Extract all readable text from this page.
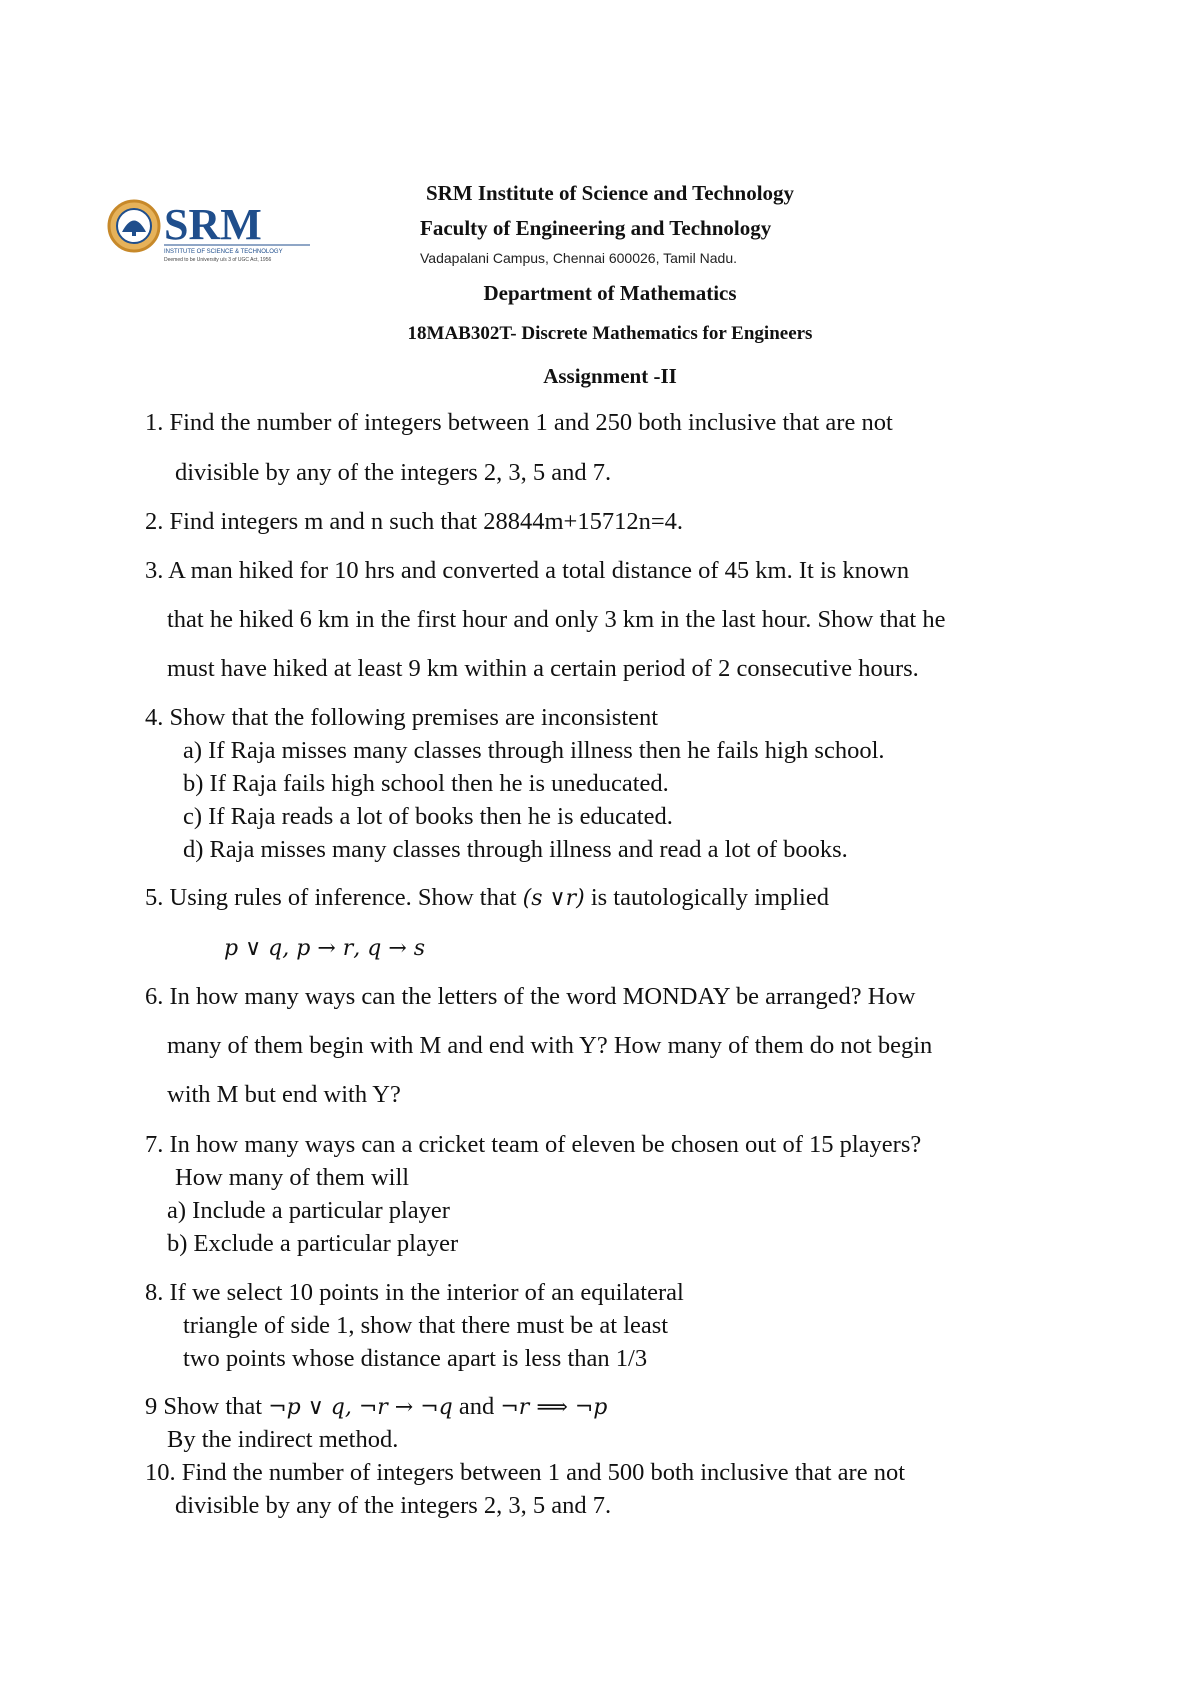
SRM
INSTITUTE OF SCIENCE & TECHNOLOGY
Deemed to be University u/s 3 of UGC Act, 1956
SRM Institute of Science and Technology
Faculty of Engineering and Technology
Vadapalani Campus, Chennai 600026, Tamil Nadu.
Department of Mathematics
18MAB302T- Discrete Mathematics for Engineers
Assignment -II
1. Find the number of integers between 1 and 250 both inclusive that are not
divisible by any of the integers 2, 3, 5 and 7.
2. Find integers m and n such that 28844m+15712n=4.
3. A man hiked for 10 hrs and converted a total distance of 45 km. It is known
that he hiked 6 km in the first hour and only 3 km in the last hour. Show that he
must have hiked at least 9 km within a certain period of 2 consecutive hours.
4. Show that the following premises are inconsistent
a) If Raja misses many classes through illness then he fails high school.
b) If Raja fails high school then he is uneducated.
c) If Raja reads a lot of books then he is educated.
d) Raja misses many classes through illness and read a lot of books.
5. Using rules of inference. Show that (𝑠 ∨𝑟) is tautologically implied
𝑝 ∨ 𝑞, 𝑝 → 𝑟, 𝑞 → 𝑠
6. In how many ways can the letters of the word MONDAY be arranged? How
many of them begin with M and end with Y? How many of them do not begin
with M but end with Y?
7. In how many ways can a cricket team of eleven be chosen out of 15 players?
How many of them will
a) Include a particular player
b) Exclude a particular player
8. If we select 10 points in the interior of an equilateral
triangle of side 1, show that there must be at least
two points whose distance apart is less than 1/3
9 Show that ¬𝑝 ∨ 𝑞, ¬𝑟 → ¬𝑞 and ¬𝑟 ⟹ ¬𝑝
By the indirect method.
10. Find the number of integers between 1 and 500 both inclusive that are not
divisible by any of the integers 2, 3, 5 and 7.
